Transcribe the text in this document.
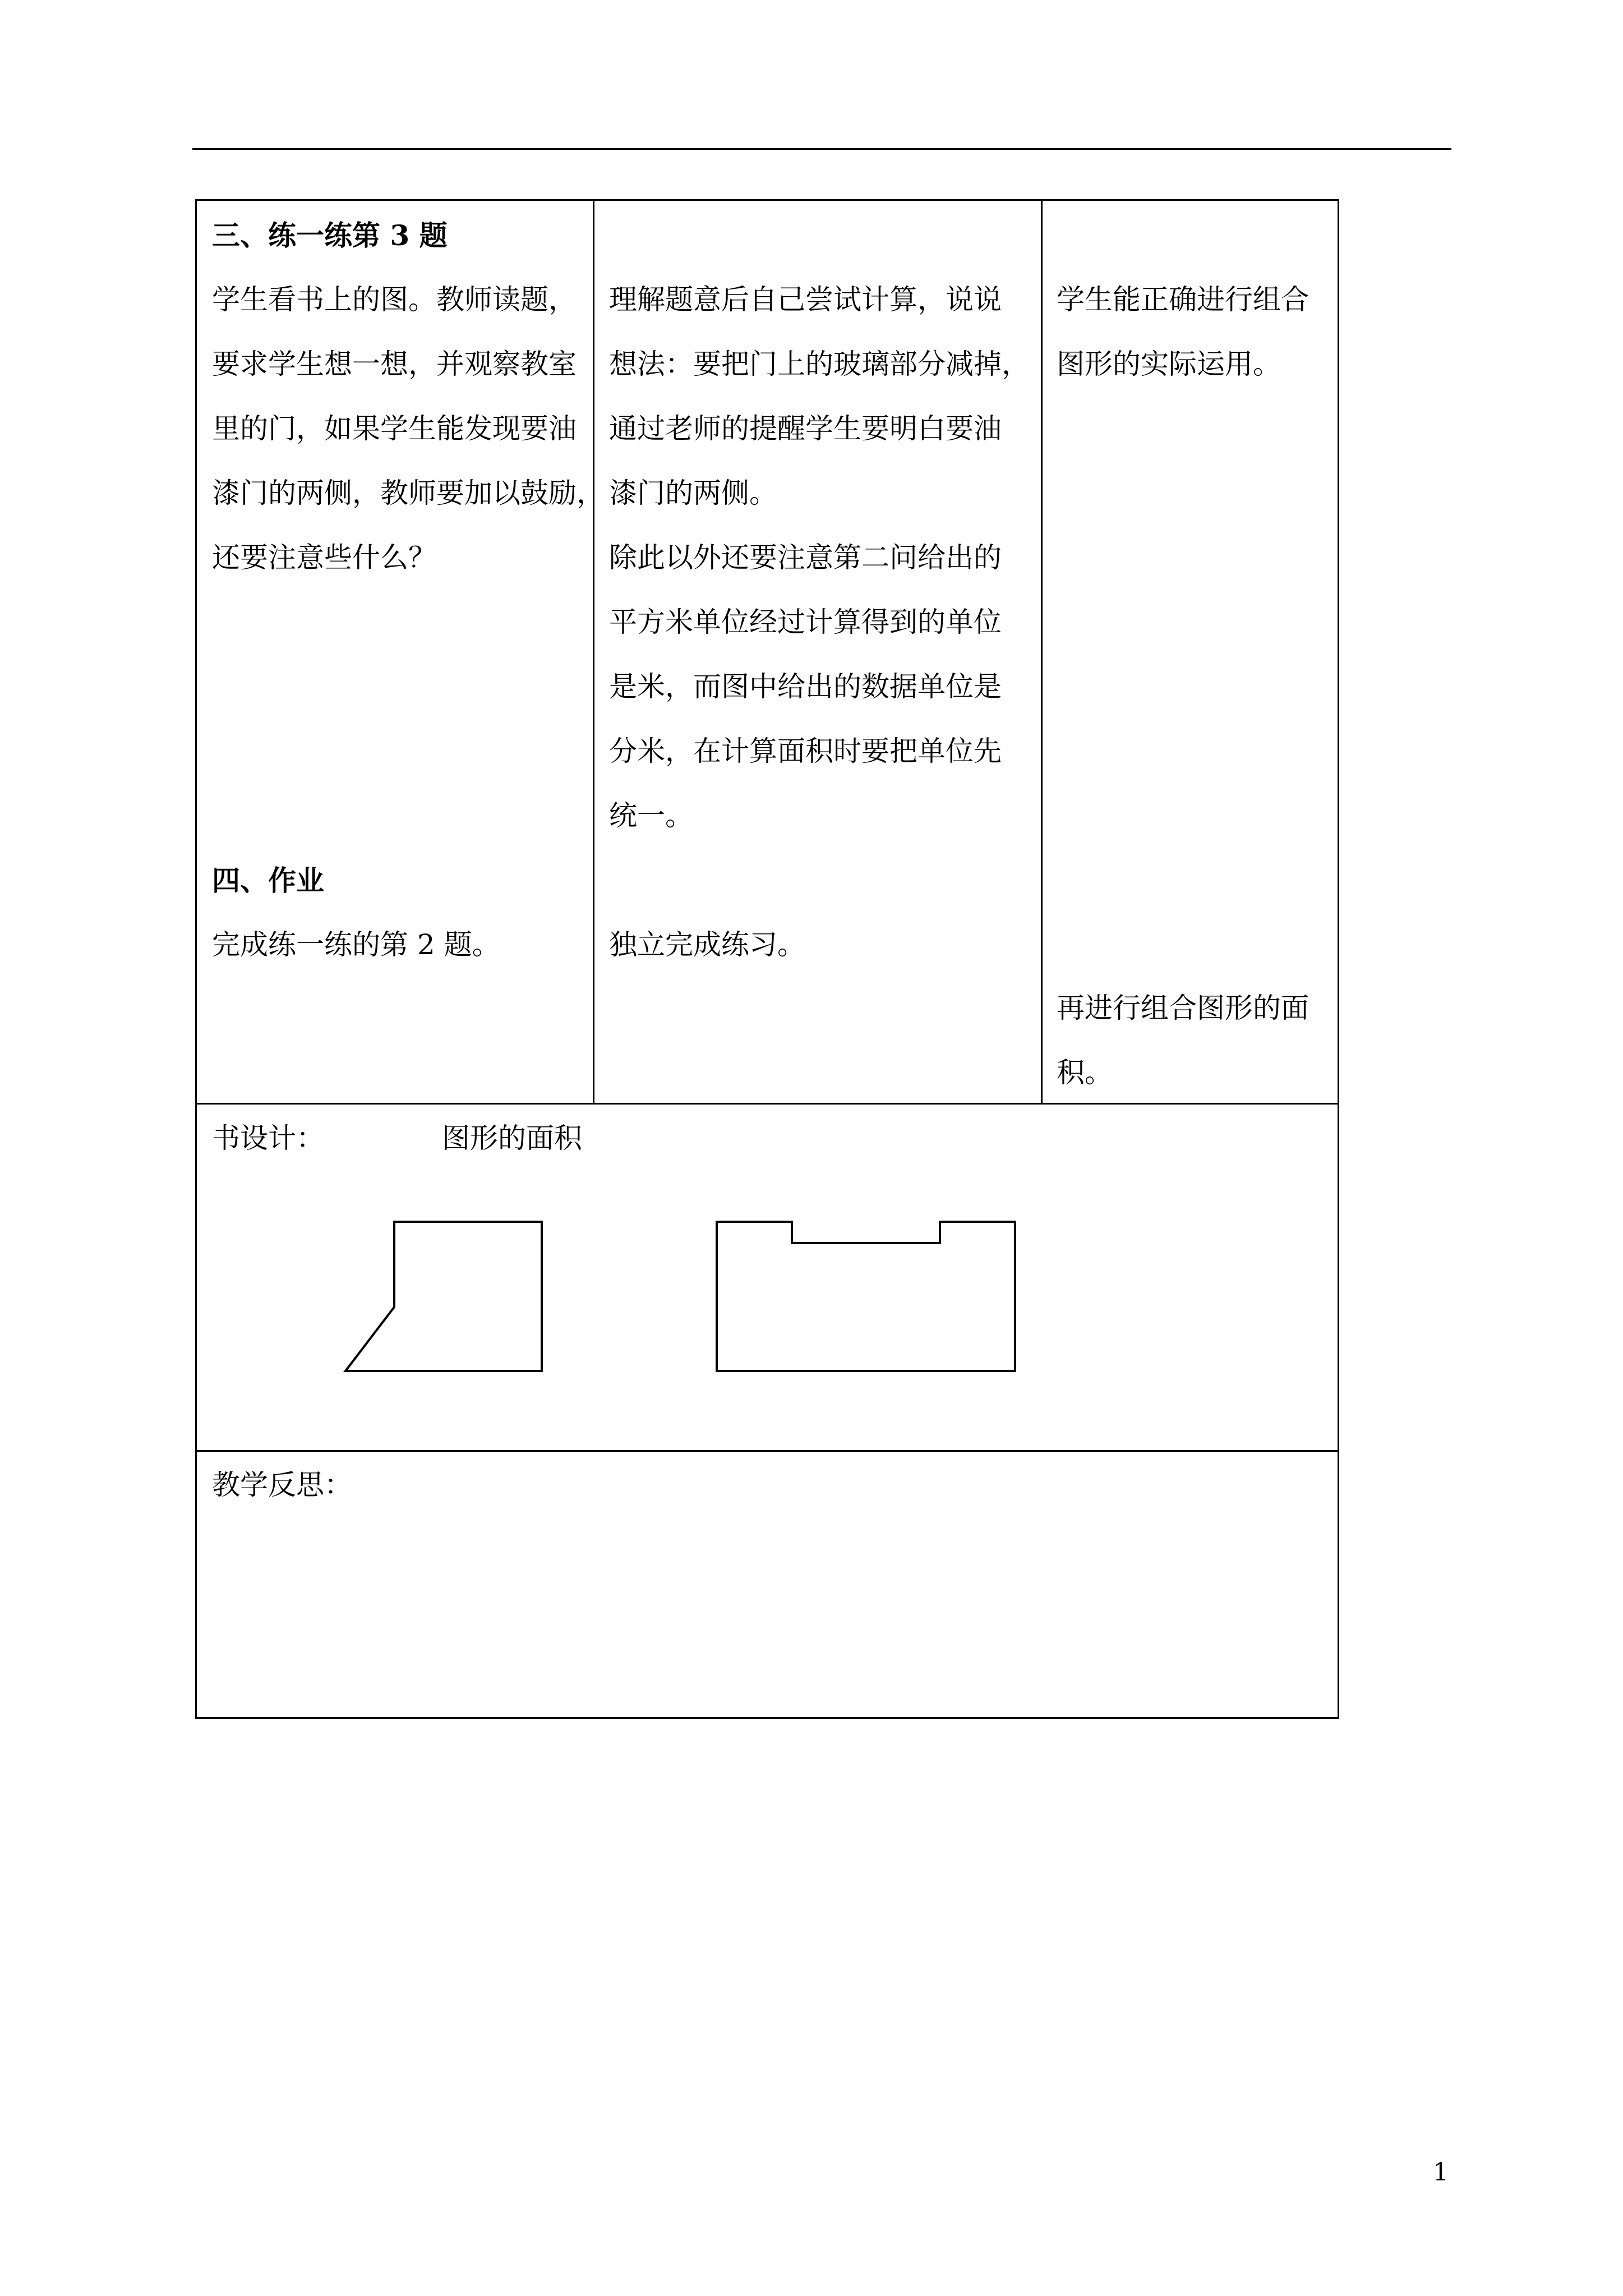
三、练一练第 3 题

学生看书上的图。教师读题，

要求学生想一想，并观察教室

里的门，如果学生能发现要油

漆门的两侧，教师要加以鼓励，

还要注意些什么？

四、作业

完成练一练的第 2 题。

理解题意后自己尝试计算，说说

想法：要把门上的玻璃部分减掉，

通过老师的提醒学生要明白要油

漆门的两侧。

除此以外还要注意第二问给出的

平方米单位经过计算得到的单位

是米，而图中给出的数据单位是

分米，在计算面积时要把单位先

统一。

独立完成练习。

学生能正确进行组合

图形的实际运用。

再进行组合图形的面

积。

书设计：	图形的面积
教学反思：
1
